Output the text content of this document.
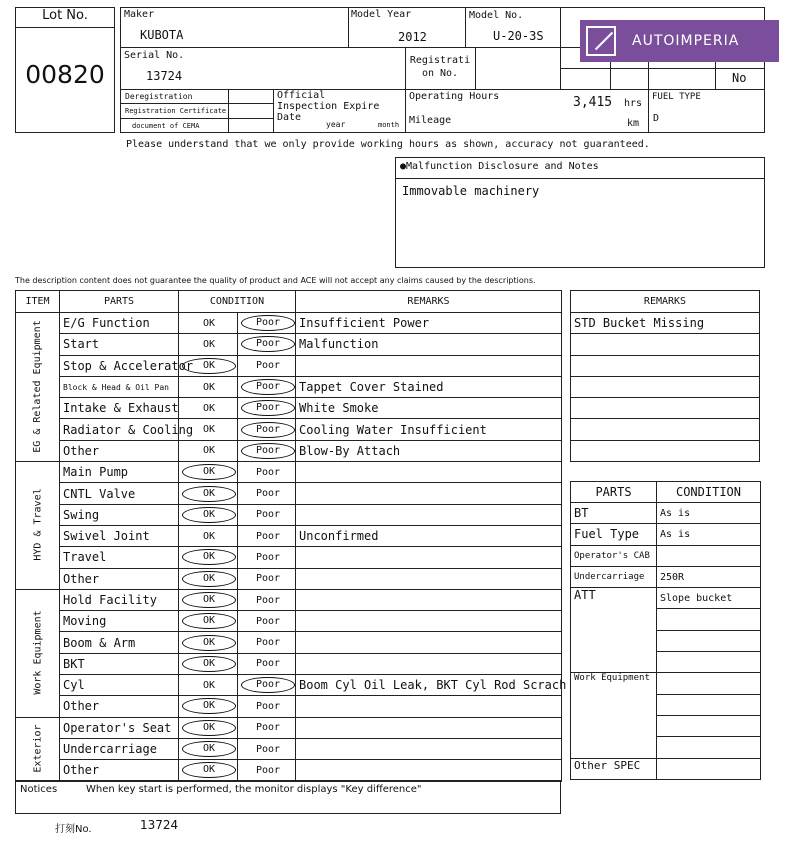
Lot No.
00820
Maker
KUBOTA
Model Year
2012
Model No.
U-20-3S
Serial No.
13724
Registrati on No.	No
Deregistration
Registration Certificate
document of CEMA
Official Inspection Expire Date
year	month
Operating Hours	3,415 hrs
Mileage	km
FUEL TYPE
D
AUTOIMPERIA
Please understand that we only provide working hours as shown, accuracy not guaranteed.
●Malfunction Disclosure and Notes
Immovable machinery
The description content does not guarantee the quality of product and ACE will not accept any claims caused by the descriptions.
ITEM	PARTS	CONDITION		REMARKS

EG & Related Equipment	E/G Function	OK	Poor	Insufficient Power
	Start	OK	Poor	Malfunction
	Stop & Accelerator	OK	Poor	
	Block & Head & Oil Pan	OK	Poor	Tappet Cover Stained
	Intake & Exhaust	OK	Poor	White Smoke
	Radiator & Cooling	OK	Poor	Cooling Water Insufficient
	Other	OK	Poor	Blow-By Attach

HYD & Travel	Main Pump	OK	Poor	
	CNTL Valve	OK	Poor	
	Swing	OK	Poor	
	Swivel Joint	OK	Poor	Unconfirmed
	Travel	OK	Poor	
	Other	OK	Poor	

Work Equipment	Hold Facility	OK	Poor	
	Moving	OK	Poor	
	Boom & Arm	OK	Poor	
	BKT	OK	Poor	
	Cyl	OK	Poor	Boom Cyl Oil Leak, BKT Cyl Rod Scrach
	Other	OK	Poor	

Exterior	Operator's Seat	OK	Poor	
	Undercarriage	OK	Poor	
	Other	OK	Poor	
REMARKS
STD Bucket Missing

PARTS	CONDITION
BT	As is
Fuel Type	As is
Operator's CAB	
Undercarriage	250R
ATT	Slope bucket

Work Equipment	

Other SPEC	
Notices	When key start is performed, the monitor displays "Key difference"
打刻No.	13724
